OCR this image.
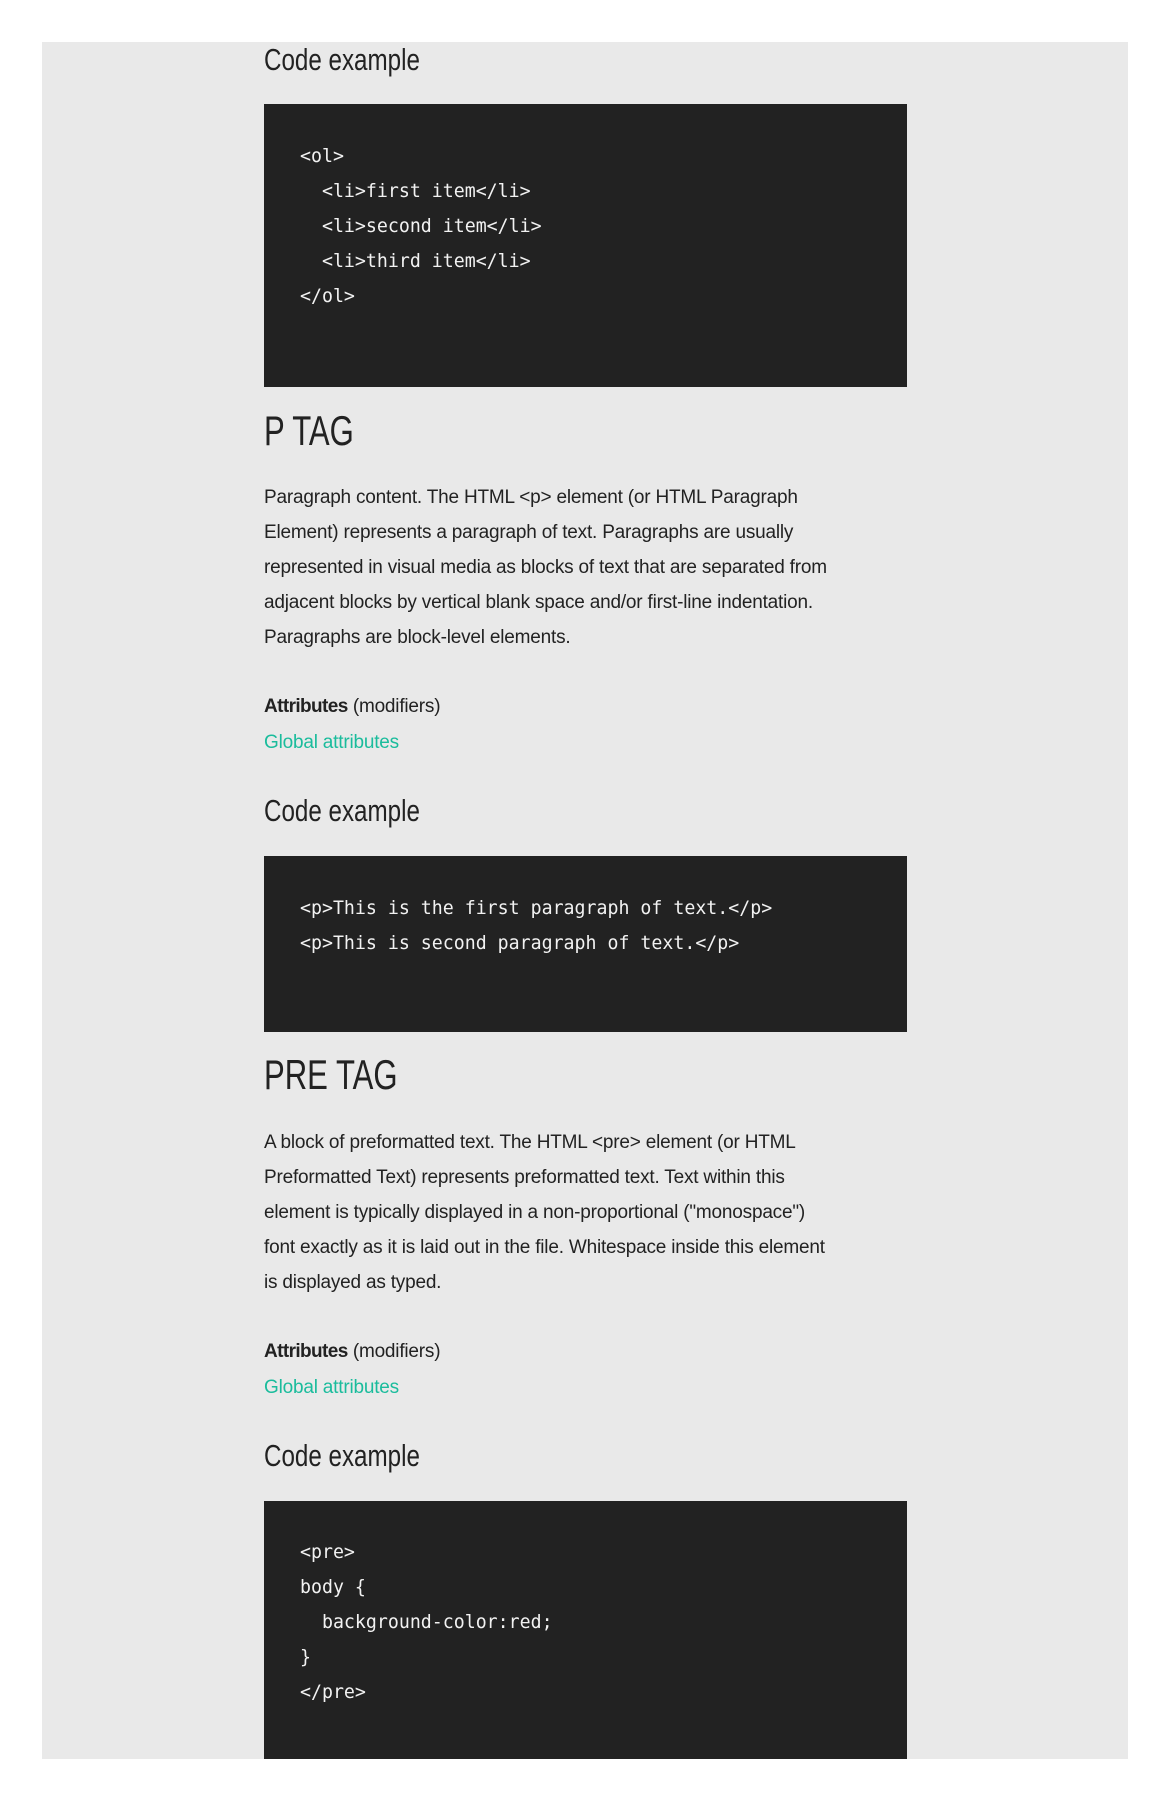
Code example
<ol>
<li>first item</li>
<li>second item</li>
<li>third item</li>
</ol>
P TAG
Paragraph content. The HTML <p> element (or HTML Paragraph
Element) represents a paragraph of text. Paragraphs are usually
represented in visual media as blocks of text that are separated from
adjacent blocks by vertical blank space and/or first-line indentation.
Paragraphs are block-level elements.
Attributes (modifiers)
Global attributes
Code example
<p>This is the first paragraph of text.</p>
<p>This is second paragraph of text.</p>
PRE TAG
A block of preformatted text. The HTML <pre> element (or HTML
Preformatted Text) represents preformatted text. Text within this
element is typically displayed in a non-proportional ("monospace")
font exactly as it is laid out in the file. Whitespace inside this element
is displayed as typed.
Attributes (modifiers)
Global attributes
Code example
<pre>
body {
background-color:red;
}
</pre>
